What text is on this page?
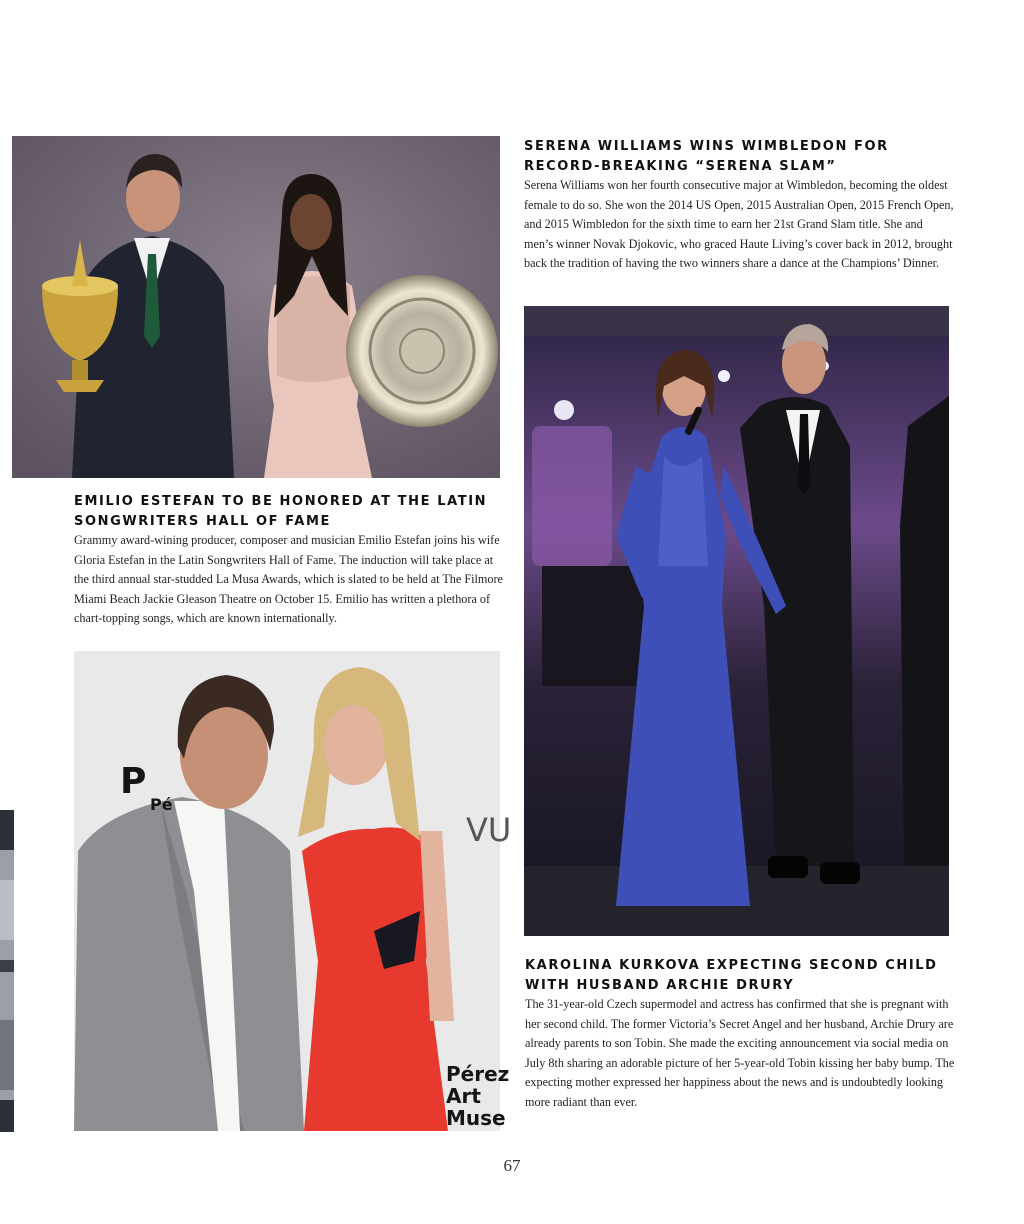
P
Pé
VU
Pérez
Art
Muse
SERENA WILLIAMS WINS WIMBLEDON FOR RECORD-BREAKING “SERENA SLAM”

Serena Williams won her fourth consecutive major at Wimbledon, becoming the oldest female to do so. She won the 2014 US Open, 2015 Australian Open, 2015 French Open, and 2015 Wimbledon for the sixth time to earn her 21st Grand Slam title. She and men’s winner Novak Djokovic, who graced Haute Living’s cover back in 2012, brought back the tradition of having the two winners share a dance at the Champions’ Dinner.

EMILIO ESTEFAN TO BE HONORED AT THE LATIN SONGWRITERS HALL OF FAME

Grammy award-wining producer, composer and musician Emilio Estefan joins his wife Gloria Estefan in the Latin Songwriters Hall of Fame. The induction will take place at the third annual star-studded La Musa Awards, which is slated to be held at The Filmore Miami Beach Jackie Gleason Theatre on October 15. Emilio has written a plethora of chart-topping songs, which are known internationally.

KAROLINA KURKOVA EXPECTING SECOND CHILD WITH HUSBAND ARCHIE DRURY

The 31-year-old Czech supermodel and actress has confirmed that she is pregnant with her second child. The former Victoria’s Secret Angel and her husband, Archie Drury are already parents to son Tobin. She made the exciting announcement via social media on July 8th sharing an adorable picture of her 5-year-old Tobin kissing her baby bump. The expecting mother expressed her happiness about the news and is undoubtedly looking more radiant than ever.

67
